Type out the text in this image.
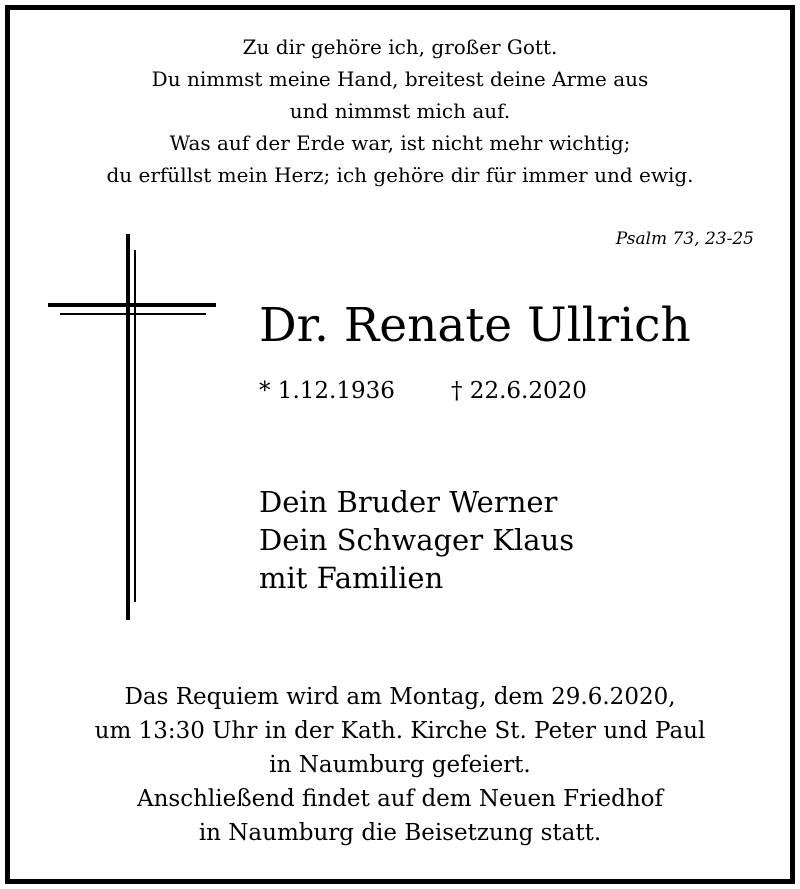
Zu dir gehöre ich, großer Gott.
Du nimmst meine Hand, breitest deine Arme aus
und nimmst mich auf.
Was auf der Erde war, ist nicht mehr wichtig;
du erfüllst mein Herz; ich gehöre dir für immer und ewig.
Psalm 73, 23-25
Dr. Renate Ullrich
* 1.12.1936 † 22.6.2020
Dein Bruder Werner
Dein Schwager Klaus
mit Familien
Das Requiem wird am Montag, dem 29.6.2020,
um 13:30 Uhr in der Kath. Kirche St. Peter und Paul
in Naumburg gefeiert.
Anschließend findet auf dem Neuen Friedhof
in Naumburg die Beisetzung statt.
